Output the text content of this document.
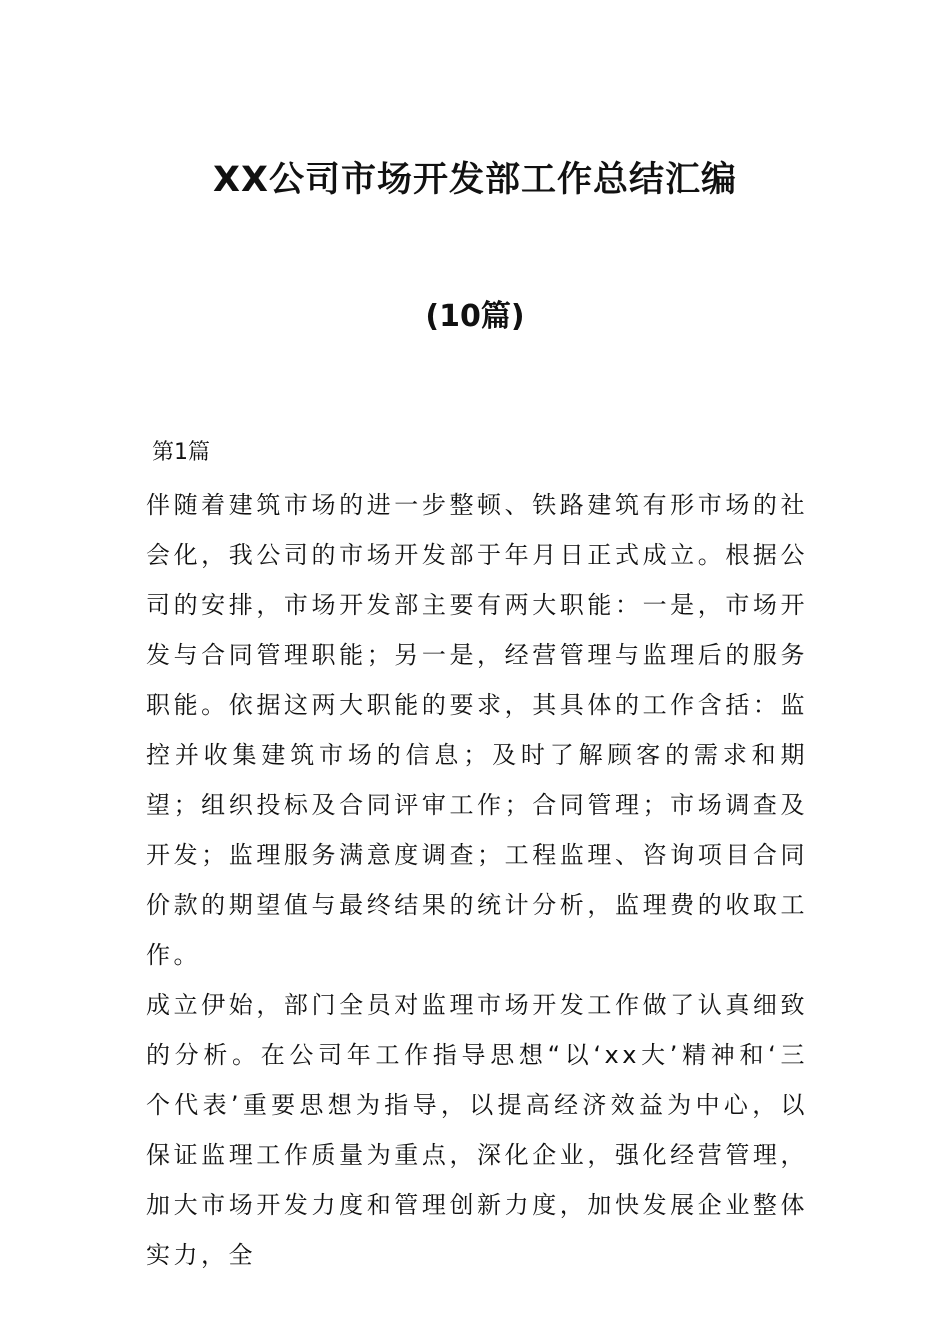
XX公司市场开发部工作总结汇编
(10篇)
第1篇

伴随着建筑市场的进一步整顿、铁路建筑有形市场的社会化，我公司的市场开发部于年月日正式成立。根据公司的安排，市场开发部主要有两大职能：一是，市场开发与合同管理职能；另一是，经营管理与监理后的服务职能。依据这两大职能的要求，其具体的工作含括：监控并收集建筑市场的信息；及时了解顾客的需求和期望；组织投标及合同评审工作；合同管理；市场调查及开发；监理服务满意度调查；工程监理、咨询项目合同价款的期望值与最终结果的统计分析，监理费的收取工作。

成立伊始，部门全员对监理市场开发工作做了认真细致的分析。在公司年工作指导思想“以‘xx大’精神和‘三个代表’重要思想为指导，以提高经济效益为中心，以保证监理工作质量为重点，深化企业，强化经营管理，加大市场开发力度和管理创新力度，加快发展企业整体实力，全
